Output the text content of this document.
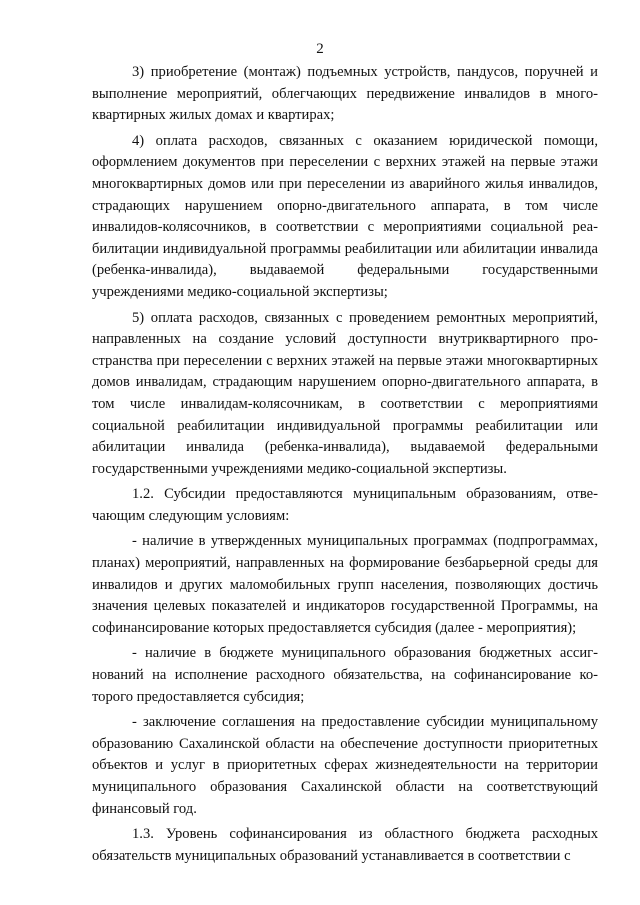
2

3) приобретение (монтаж) подъемных устройств, пандусов, поручней и выполнение мероприятий, облегчающих передвижение инвалидов в многоквартирных жилых домах и квартирах;

4) оплата расходов, связанных с оказанием юридической помощи, оформлением документов при переселении с верхних этажей на первые этажи многоквартирных домов или при переселении из аварийного жилья инвалидов, страдающих нарушением опорно-двигательного аппарата, в том числе инвалидов-колясочников, в соответствии с мероприятиями социальной реабилитации индивидуальной программы реабилитации или абилитации инвалида (ребенка-инвалида), выдаваемой федеральными государственными учреждениями медико-социальной экспертизы;

5) оплата расходов, связанных с проведением ремонтных мероприятий, направленных на создание условий доступности внутриквартирного пространства при переселении с верхних этажей на первые этажи многоквартирных домов инвалидам, страдающим нарушением опорно-двигательного аппарата, в том числе инвалидам-колясочникам, в соответствии с мероприятиями социальной реабилитации индивидуальной программы реабилитации или абилитации инвалида (ребенка-инвалида), выдаваемой федеральными государственными учреждениями медико-социальной экспертизы.

1.2. Субсидии предоставляются муниципальным образованиям, отвечающим следующим условиям:

- наличие в утвержденных муниципальных программах (подпрограммах, планах) мероприятий, направленных на формирование безбарьерной среды для инвалидов и других маломобильных групп населения, позволяющих достичь значения целевых показателей и индикаторов государственной Программы, на софинансирование которых предоставляется субсидия (далее - мероприятия);

- наличие в бюджете муниципального образования бюджетных ассигнований на исполнение расходного обязательства, на софинансирование которого предоставляется субсидия;

- заключение соглашения на предоставление субсидии муниципальному образованию Сахалинской области на обеспечение доступности приоритетных объектов и услуг в приоритетных сферах жизнедеятельности на территории муниципального образования Сахалинской области на соответствующий финансовый год.

1.3. Уровень софинансирования из областного бюджета расходных обязательств муниципальных образований устанавливается в соответствии с
